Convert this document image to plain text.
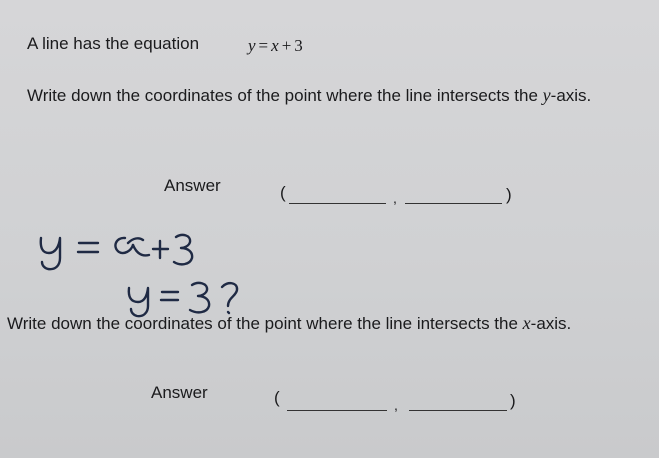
A line has the equation	y = x + 3
Write down the coordinates of the point where the line intersects the y-axis.
Answer	(	,	)
Write down the coordinates of the point where the line intersects the x-axis.
Answer	(	,	)
